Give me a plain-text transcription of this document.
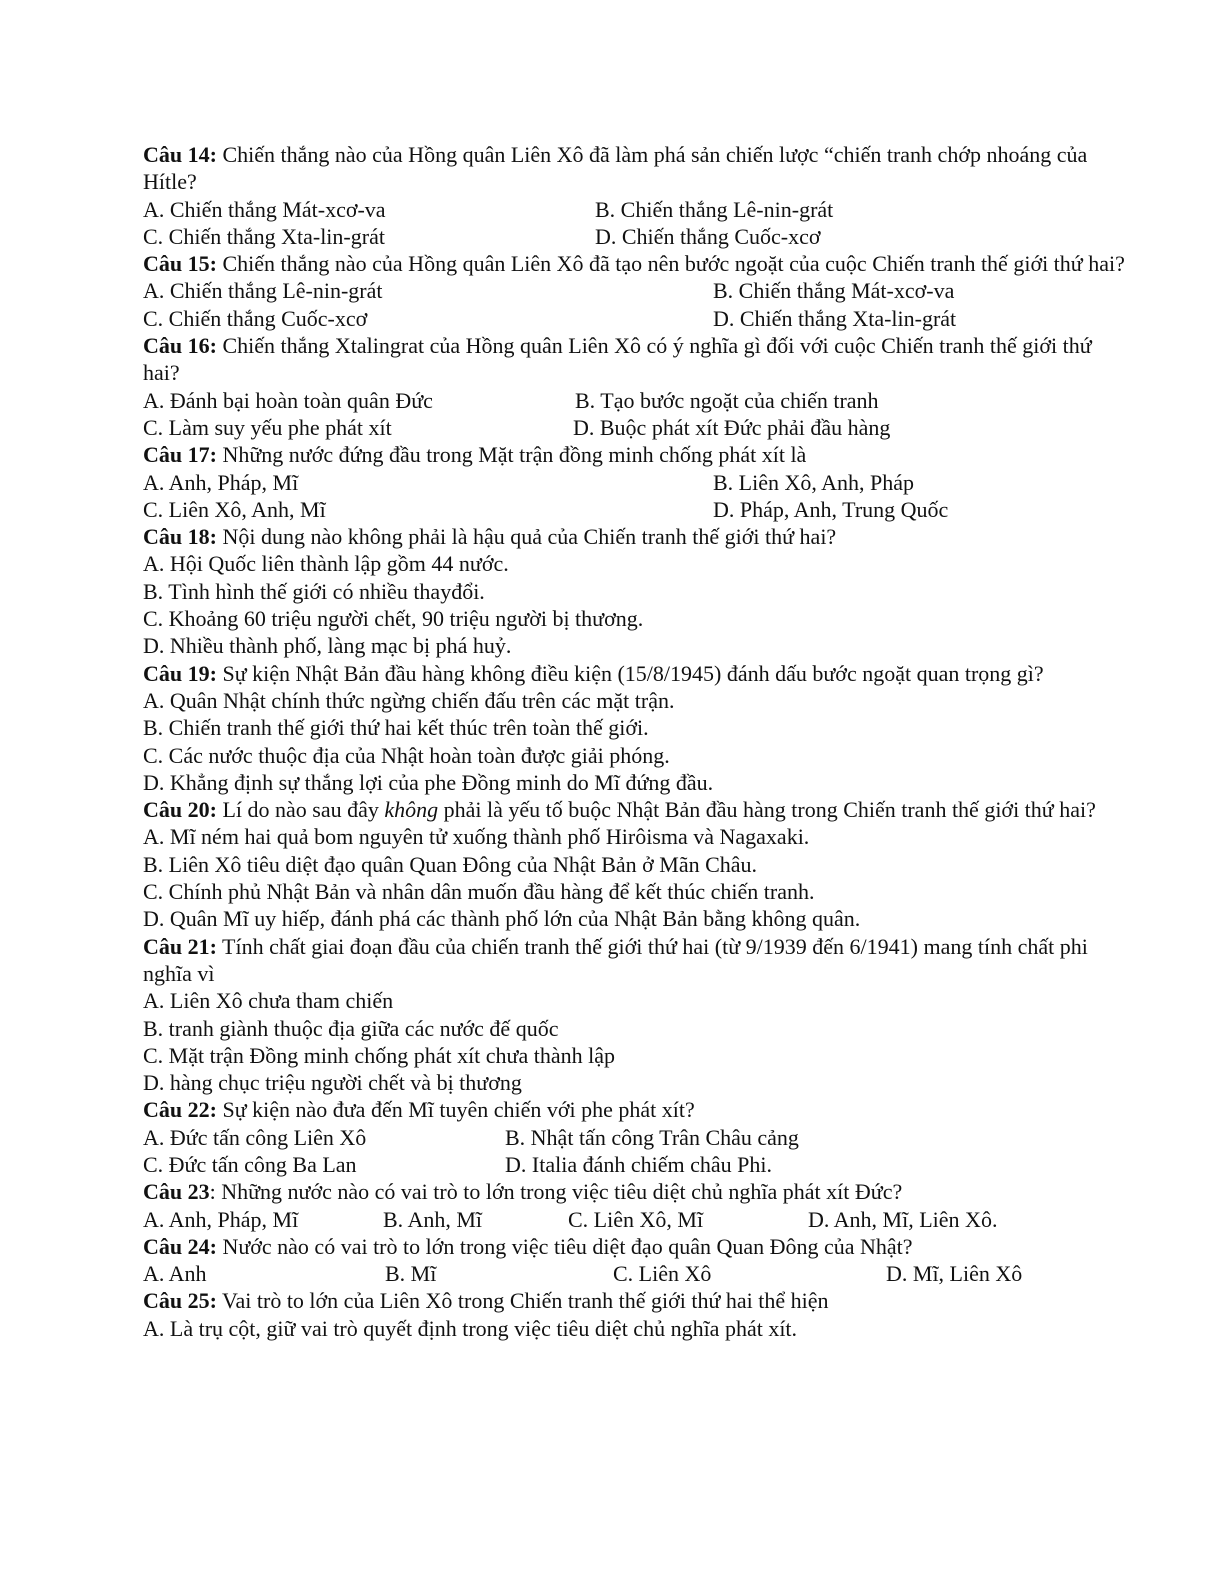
Câu 14: Chiến thắng nào của Hồng quân Liên Xô đã làm phá sản chiến lược “chiến tranh chớp nhoáng của Hítle?
A. Chiến thắng Mát-xcơ-va	B. Chiến thắng Lê-nin-grát
C. Chiến thắng Xta-lin-grát	D. Chiến thắng Cuốc-xcơ
Câu 15: Chiến thắng nào của Hồng quân Liên Xô đã tạo nên bước ngoặt của cuộc Chiến tranh thế giới thứ hai?
A. Chiến thắng Lê-nin-grát	B. Chiến thắng Mát-xcơ-va
C. Chiến thắng Cuốc-xcơ	D. Chiến thắng Xta-lin-grát
Câu 16: Chiến thắng Xtalingrat của Hồng quân Liên Xô có ý nghĩa gì đối với cuộc Chiến tranh thế giới thứ hai?
A. Đánh bại hoàn toàn quân Đức	B. Tạo bước ngoặt của chiến tranh
C. Làm suy yếu phe phát xít	D. Buộc phát xít Đức phải đầu hàng
Câu 17: Những nước đứng đầu trong Mặt trận đồng minh chống phát xít là
A. Anh, Pháp, Mĩ	B. Liên Xô, Anh, Pháp
C. Liên Xô, Anh, Mĩ	D. Pháp, Anh, Trung Quốc
Câu 18: Nội dung nào không phải là hậu quả của Chiến tranh thế giới thứ hai?
A. Hội Quốc liên thành lập gồm 44 nước.
B. Tình hình thế giới có nhiều thayđổi.
C. Khoảng 60 triệu người chết, 90 triệu người bị thương.
D. Nhiều thành phố, làng mạc bị phá huỷ.
Câu 19: Sự kiện Nhật Bản đầu hàng không điều kiện (15/8/1945) đánh dấu bước ngoặt quan trọng gì?
A. Quân Nhật chính thức ngừng chiến đấu trên các mặt trận.
B. Chiến tranh thế giới thứ hai kết thúc trên toàn thế giới.
C. Các nước thuộc địa của Nhật hoàn toàn được giải phóng.
D. Khẳng định sự thắng lợi của phe Đồng minh do Mĩ đứng đầu.
Câu 20: Lí do nào sau đây không phải là yếu tố buộc Nhật Bản đầu hàng trong Chiến tranh thế giới thứ hai?
A. Mĩ ném hai quả bom nguyên tử xuống thành phố Hirôisma và Nagaxaki.
B. Liên Xô tiêu diệt đạo quân Quan Đông của Nhật Bản ở Mãn Châu.
C. Chính phủ Nhật Bản và nhân dân muốn đầu hàng để kết thúc chiến tranh.
D. Quân Mĩ uy hiếp, đánh phá các thành phố lớn của Nhật Bản bằng không quân.
Câu 21: Tính chất giai đoạn đầu của chiến tranh thế giới thứ hai (từ 9/1939 đến 6/1941) mang tính chất phi nghĩa vì
A. Liên Xô chưa tham chiến
B. tranh giành thuộc địa giữa các nước đế quốc
C. Mặt trận Đồng minh chống phát xít chưa thành lập
D. hàng chục triệu người chết và bị thương
Câu 22: Sự kiện nào đưa đến Mĩ tuyên chiến với phe phát xít?
A. Đức tấn công Liên Xô	B. Nhật tấn công Trân Châu cảng
C. Đức tấn công Ba Lan	D. Italia đánh chiếm châu Phi.
Câu 23: Những nước nào có vai trò to lớn trong việc tiêu diệt chủ nghĩa phát xít Đức?
A. Anh, Pháp, Mĩ	B. Anh, Mĩ	C. Liên Xô, Mĩ	D. Anh, Mĩ, Liên Xô.
Câu 24: Nước nào có vai trò to lớn trong việc tiêu diệt đạo quân Quan Đông của Nhật?
A. Anh	B. Mĩ	C. Liên Xô	D. Mĩ, Liên Xô
Câu 25: Vai trò to lớn của Liên Xô trong Chiến tranh thế giới thứ hai thể hiện
A. Là trụ cột, giữ vai trò quyết định trong việc tiêu diệt chủ nghĩa phát xít.
